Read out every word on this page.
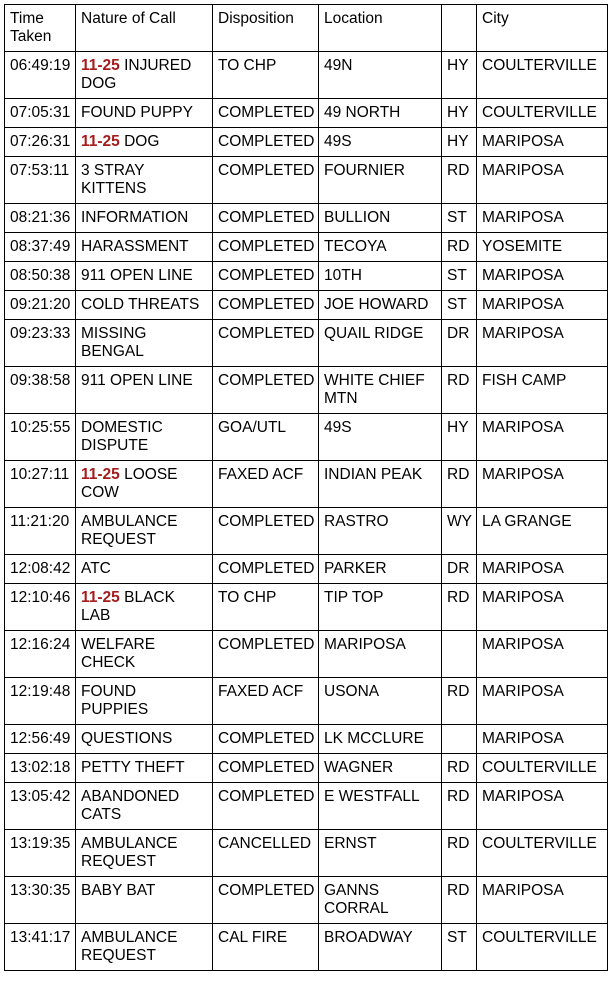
Time Taken	Nature of Call	Disposition	Location		City
06:49:19	11-25 INJURED DOG	TO CHP	49N	HY	COULTERVILLE
07:05:31	FOUND PUPPY	COMPLETED	49 NORTH	HY	COULTERVILLE
07:26:31	11-25 DOG	COMPLETED	49S	HY	MARIPOSA
07:53:11	3 STRAY KITTENS	COMPLETED	FOURNIER	RD	MARIPOSA
08:21:36	INFORMATION	COMPLETED	BULLION	ST	MARIPOSA
08:37:49	HARASSMENT	COMPLETED	TECOYA	RD	YOSEMITE
08:50:38	911 OPEN LINE	COMPLETED	10TH	ST	MARIPOSA
09:21:20	COLD THREATS	COMPLETED	JOE HOWARD	ST	MARIPOSA
09:23:33	MISSING BENGAL	COMPLETED	QUAIL RIDGE	DR	MARIPOSA
09:38:58	911 OPEN LINE	COMPLETED	WHITE CHIEF MTN	RD	FISH CAMP
10:25:55	DOMESTIC DISPUTE	GOA/UTL	49S	HY	MARIPOSA
10:27:11	11-25 LOOSE COW	FAXED ACF	INDIAN PEAK	RD	MARIPOSA
11:21:20	AMBULANCE REQUEST	COMPLETED	RASTRO	WY	LA GRANGE
12:08:42	ATC	COMPLETED	PARKER	DR	MARIPOSA
12:10:46	11-25 BLACK LAB	TO CHP	TIP TOP	RD	MARIPOSA
12:16:24	WELFARE CHECK	COMPLETED	MARIPOSA		MARIPOSA
12:19:48	FOUND PUPPIES	FAXED ACF	USONA	RD	MARIPOSA
12:56:49	QUESTIONS	COMPLETED	LK MCCLURE		MARIPOSA
13:02:18	PETTY THEFT	COMPLETED	WAGNER	RD	COULTERVILLE
13:05:42	ABANDONED CATS	COMPLETED	E WESTFALL	RD	MARIPOSA
13:19:35	AMBULANCE REQUEST	CANCELLED	ERNST	RD	COULTERVILLE
13:30:35	BABY BAT	COMPLETED	GANNS CORRAL	RD	MARIPOSA
13:41:17	AMBULANCE REQUEST	CAL FIRE	BROADWAY	ST	COULTERVILLE
